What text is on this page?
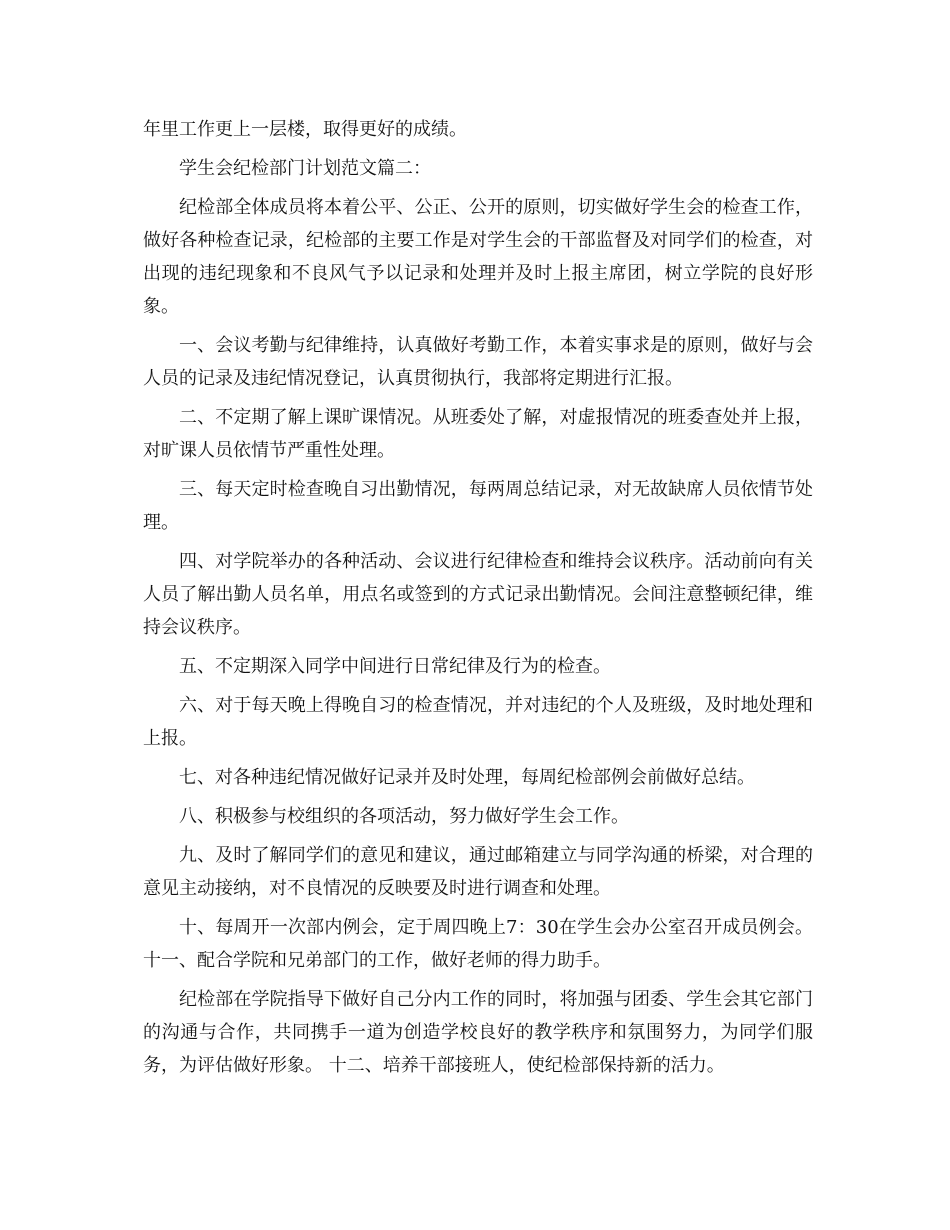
年里工作更上一层楼，取得更好的成绩。

学生会纪检部门计划范文篇二：

纪检部全体成员将本着公平、公正、公开的原则，切实做好学生会的检查工作，做好各种检查记录，纪检部的主要工作是对学生会的干部监督及对同学们的检查，对出现的违纪现象和不良风气予以记录和处理并及时上报主席团，树立学院的良好形象。

一、会议考勤与纪律维持，认真做好考勤工作，本着实事求是的原则，做好与会人员的记录及违纪情况登记，认真贯彻执行，我部将定期进行汇报。

二、不定期了解上课旷课情况。从班委处了解，对虚报情况的班委查处并上报，对旷课人员依情节严重性处理。

三、每天定时检查晚自习出勤情况，每两周总结记录，对无故缺席人员依情节处理。

四、对学院举办的各种活动、会议进行纪律检查和维持会议秩序。活动前向有关人员了解出勤人员名单，用点名或签到的方式记录出勤情况。会间注意整顿纪律，维持会议秩序。

五、不定期深入同学中间进行日常纪律及行为的检查。

六、对于每天晚上得晚自习的检查情况，并对违纪的个人及班级，及时地处理和上报。

七、对各种违纪情况做好记录并及时处理，每周纪检部例会前做好总结。

八、积极参与校组织的各项活动，努力做好学生会工作。

九、及时了解同学们的意见和建议，通过邮箱建立与同学沟通的桥梁，对合理的意见主动接纳，对不良情况的反映要及时进行调查和处理。

十、每周开一次部内例会，定于周四晚上7：30在学生会办公室召开成员例会。 十一、配合学院和兄弟部门的工作，做好老师的得力助手。

纪检部在学院指导下做好自己分内工作的同时，将加强与团委、学生会其它部门的沟通与合作，共同携手一道为创造学校良好的教学秩序和氛围努力，为同学们服务，为评估做好形象。 十二、培养干部接班人，使纪检部保持新的活力。
